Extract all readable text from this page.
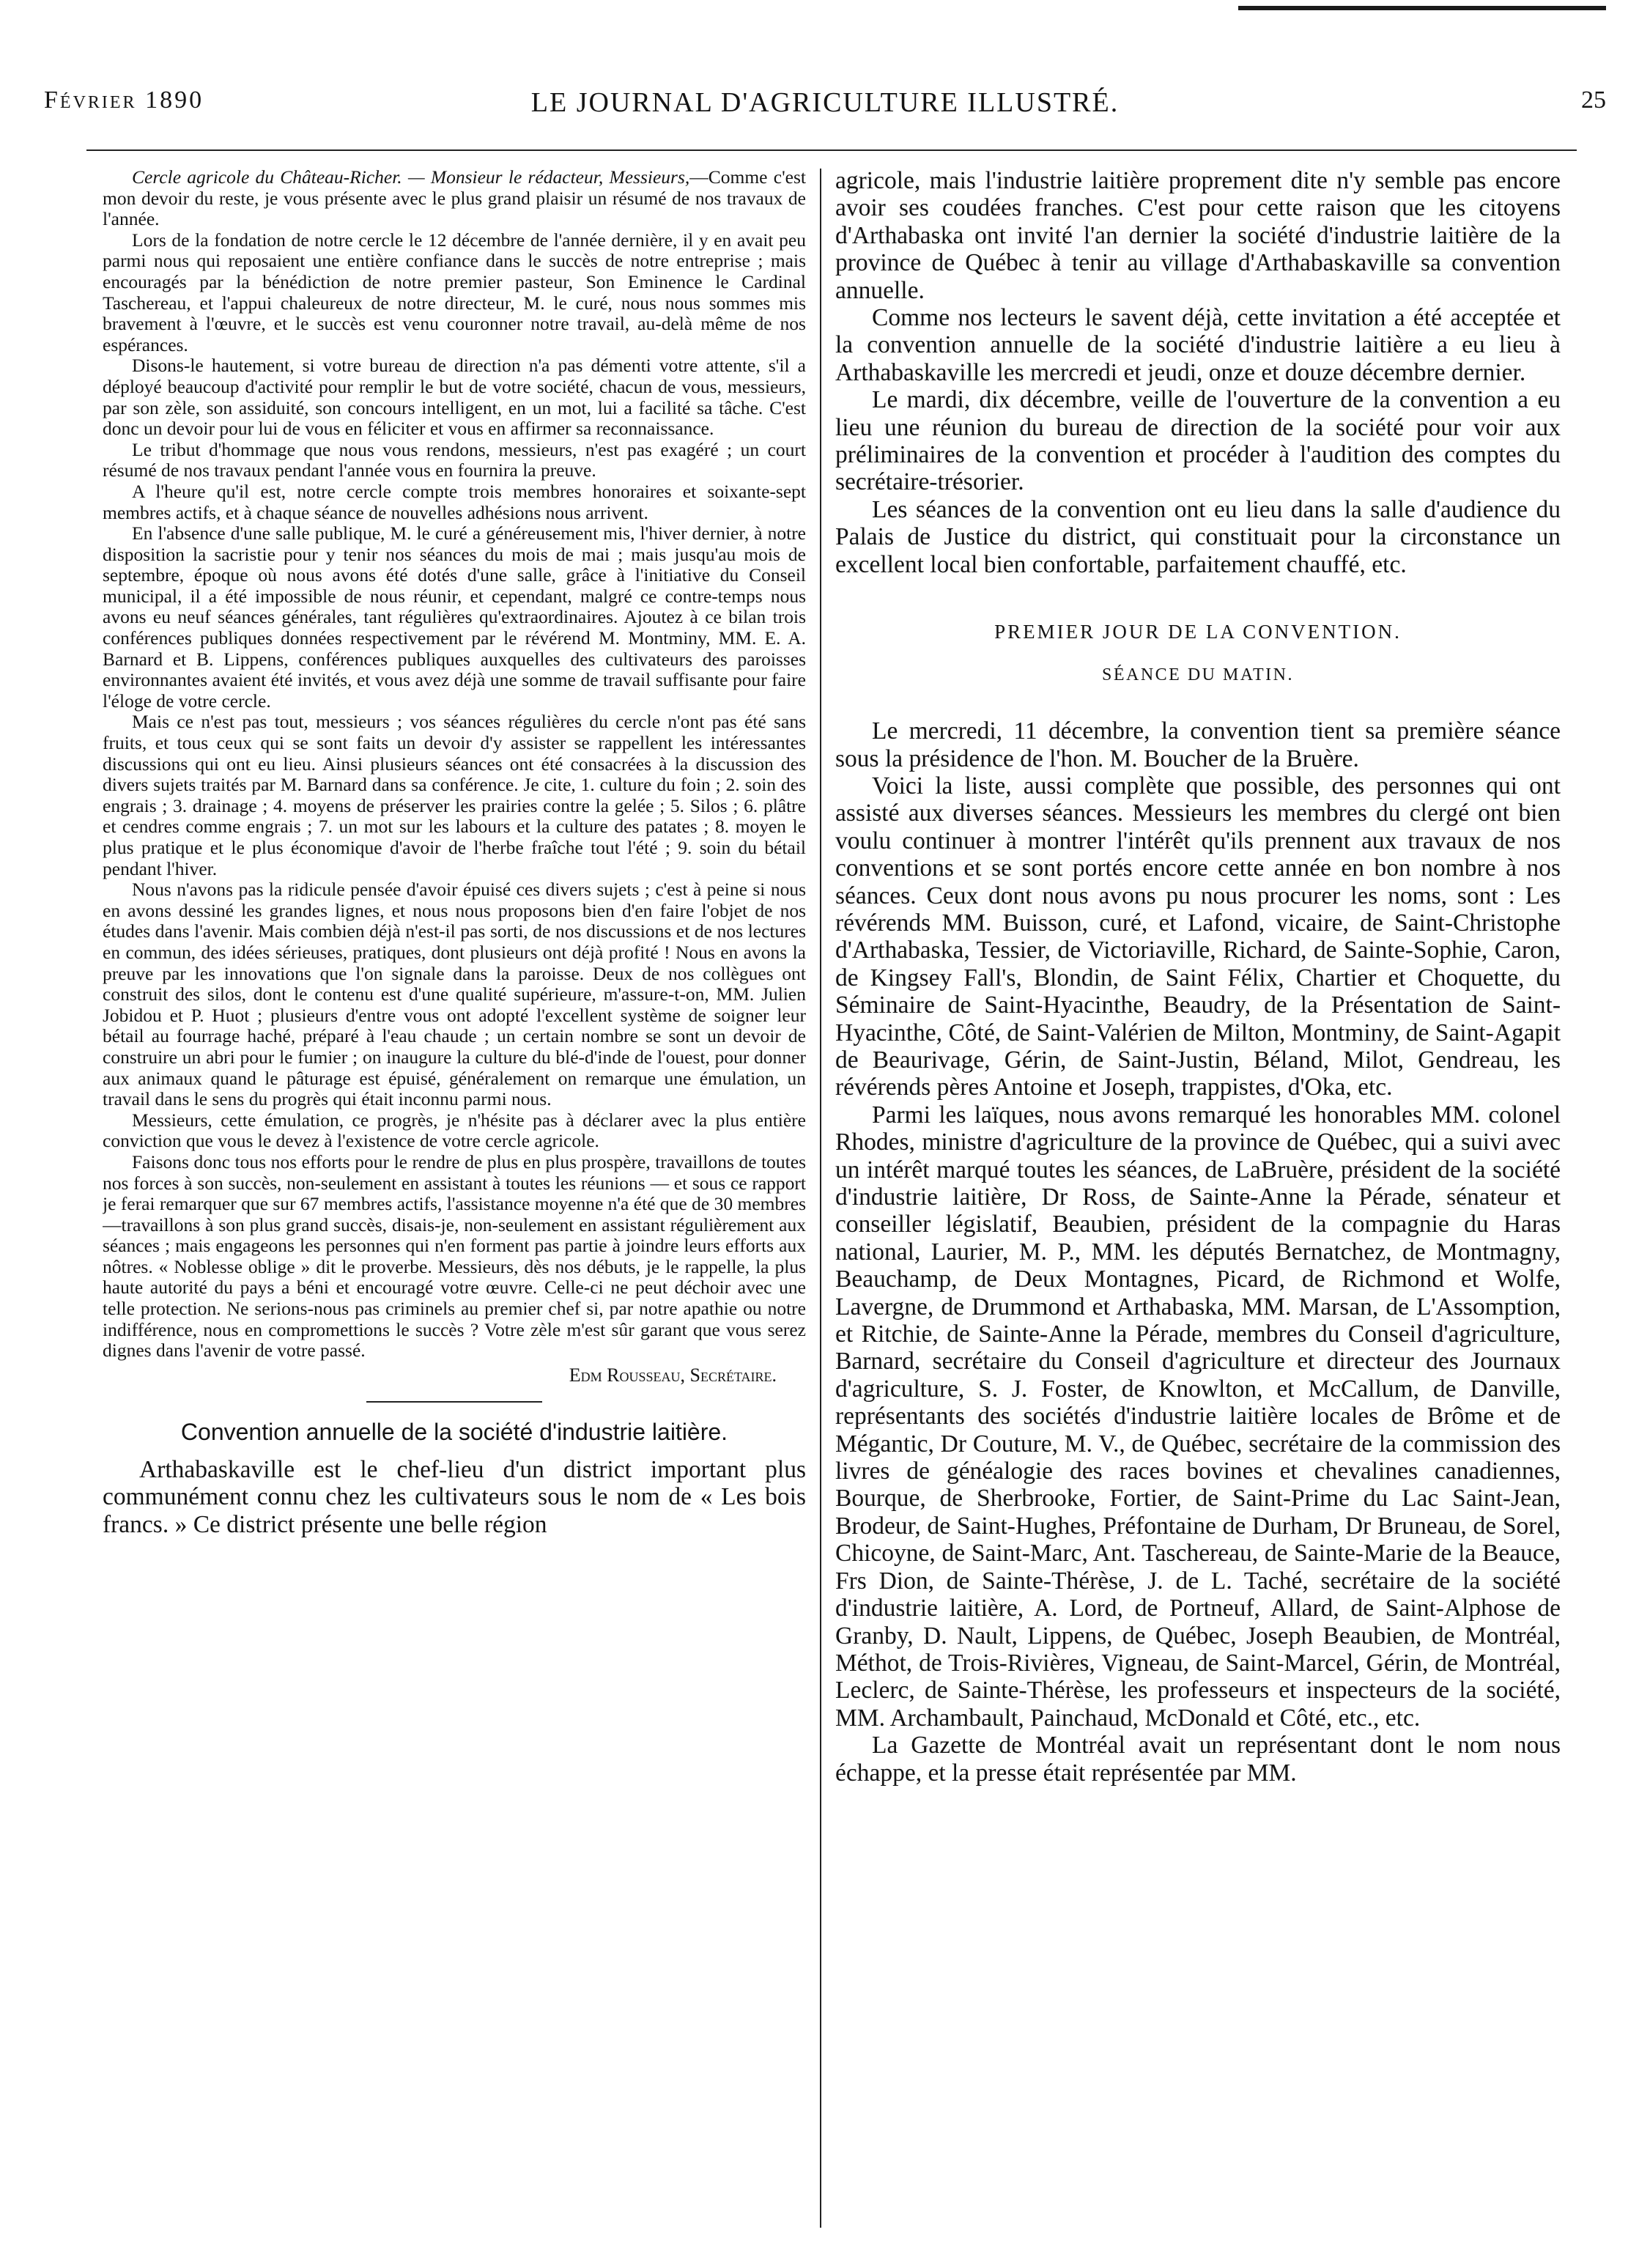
Février 1890	LE JOURNAL D'AGRICULTURE ILLUSTRÉ.	25

Cercle agricole du Château-Richer. — Monsieur le rédacteur, Messieurs,—Comme c'est mon devoir du reste, je vous présente avec le plus grand plaisir un résumé de nos travaux de l'année.

Lors de la fondation de notre cercle le 12 décembre de l'année dernière, il y en avait peu parmi nous qui reposaient une entière confiance dans le succès de notre entreprise ; mais encouragés par la bénédiction de notre premier pasteur, Son Eminence le Cardinal Taschereau, et l'appui chaleureux de notre directeur, M. le curé, nous nous sommes mis bravement à l'œuvre, et le succès est venu couronner notre travail, au-delà même de nos espérances.

Disons-le hautement, si votre bureau de direction n'a pas démenti votre attente, s'il a déployé beaucoup d'activité pour remplir le but de votre société, chacun de vous, messieurs, par son zèle, son assiduité, son concours intelligent, en un mot, lui a facilité sa tâche. C'est donc un devoir pour lui de vous en féliciter et vous en affirmer sa reconnaissance.

Le tribut d'hommage que nous vous rendons, messieurs, n'est pas exagéré ; un court résumé de nos travaux pendant l'année vous en fournira la preuve.

A l'heure qu'il est, notre cercle compte trois membres honoraires et soixante-sept membres actifs, et à chaque séance de nouvelles adhésions nous arrivent.

En l'absence d'une salle publique, M. le curé a généreusement mis, l'hiver dernier, à notre disposition la sacristie pour y tenir nos séances du mois de mai ; mais jusqu'au mois de septembre, époque où nous avons été dotés d'une salle, grâce à l'initiative du Conseil municipal, il a été impossible de nous réunir, et cependant, malgré ce contre-temps nous avons eu neuf séances générales, tant régulières qu'extraordinaires. Ajoutez à ce bilan trois conférences publiques données respectivement par le révérend M. Montminy, MM. E. A. Barnard et B. Lippens, conférences publiques auxquelles des cultivateurs des paroisses environnantes avaient été invités, et vous avez déjà une somme de travail suffisante pour faire l'éloge de votre cercle.

Mais ce n'est pas tout, messieurs ; vos séances régulières du cercle n'ont pas été sans fruits, et tous ceux qui se sont faits un devoir d'y assister se rappellent les intéressantes discussions qui ont eu lieu. Ainsi plusieurs séances ont été consacrées à la discussion des divers sujets traités par M. Barnard dans sa conférence. Je cite, 1. culture du foin ; 2. soin des engrais ; 3. drainage ; 4. moyens de préserver les prairies contre la gelée ; 5. Silos ; 6. plâtre et cendres comme engrais ; 7. un mot sur les labours et la culture des patates ; 8. moyen le plus pratique et le plus économique d'avoir de l'herbe fraîche tout l'été ; 9. soin du bétail pendant l'hiver.

Nous n'avons pas la ridicule pensée d'avoir épuisé ces divers sujets ; c'est à peine si nous en avons dessiné les grandes lignes, et nous nous proposons bien d'en faire l'objet de nos études dans l'avenir. Mais combien déjà n'est-il pas sorti, de nos discussions et de nos lectures en commun, des idées sérieuses, pratiques, dont plusieurs ont déjà profité ! Nous en avons la preuve par les innovations que l'on signale dans la paroisse. Deux de nos collègues ont construit des silos, dont le contenu est d'une qualité supérieure, m'assure-t-on, MM. Julien Jobidou et P. Huot ; plusieurs d'entre vous ont adopté l'excellent système de soigner leur bétail au fourrage haché, préparé à l'eau chaude ; un certain nombre se sont un devoir de construire un abri pour le fumier ; on inaugure la culture du blé-d'inde de l'ouest, pour donner aux animaux quand le pâturage est épuisé, généralement on remarque une émulation, un travail dans le sens du progrès qui était inconnu parmi nous.

Messieurs, cette émulation, ce progrès, je n'hésite pas à déclarer avec la plus entière conviction que vous le devez à l'existence de votre cercle agricole.

Faisons donc tous nos efforts pour le rendre de plus en plus prospère, travaillons de toutes nos forces à son succès, non-seulement en assistant à toutes les réunions — et sous ce rapport je ferai remarquer que sur 67 membres actifs, l'assistance moyenne n'a été que de 30 membres—travaillons à son plus grand succès, disais-je, non-seulement en assistant régulièrement aux séances ; mais engageons les personnes qui n'en forment pas partie à joindre leurs efforts aux nôtres. « Noblesse oblige » dit le proverbe. Messieurs, dès nos débuts, je le rappelle, la plus haute autorité du pays a béni et encouragé votre œuvre. Celle-ci ne peut déchoir avec une telle protection. Ne serions-nous pas criminels au premier chef si, par notre apathie ou notre indifférence, nous en compromettions le succès ? Votre zèle m'est sûr garant que vous serez dignes dans l'avenir de votre passé.

Edm Rousseau, Secrétaire.
Convention annuelle de la société d'industrie laitière.

Arthabaskaville est le chef-lieu d'un district important plus communément connu chez les cultivateurs sous le nom de « Les bois francs. » Ce district présente une belle région

agricole, mais l'industrie laitière proprement dite n'y semble pas encore avoir ses coudées franches. C'est pour cette raison que les citoyens d'Arthabaska ont invité l'an dernier la société d'industrie laitière de la province de Québec à tenir au village d'Arthabaskaville sa convention annuelle.

Comme nos lecteurs le savent déjà, cette invitation a été acceptée et la convention annuelle de la société d'industrie laitière a eu lieu à Arthabaskaville les mercredi et jeudi, onze et douze décembre dernier.

Le mardi, dix décembre, veille de l'ouverture de la convention a eu lieu une réunion du bureau de direction de la société pour voir aux préliminaires de la convention et procéder à l'audition des comptes du secrétaire-trésorier.

Les séances de la convention ont eu lieu dans la salle d'audience du Palais de Justice du district, qui constituait pour la circonstance un excellent local bien confortable, parfaitement chauffé, etc.

PREMIER JOUR DE LA CONVENTION.
SÉANCE DU MATIN.

Le mercredi, 11 décembre, la convention tient sa première séance sous la présidence de l'hon. M. Boucher de la Bruère.

Voici la liste, aussi complète que possible, des personnes qui ont assisté aux diverses séances. Messieurs les membres du clergé ont bien voulu continuer à montrer l'intérêt qu'ils prennent aux travaux de nos conventions et se sont portés encore cette année en bon nombre à nos séances. Ceux dont nous avons pu nous procurer les noms, sont : Les révérends MM. Buisson, curé, et Lafond, vicaire, de Saint-Christophe d'Arthabaska, Tessier, de Victoriaville, Richard, de Sainte-Sophie, Caron, de Kingsey Fall's, Blondin, de Saint Félix, Chartier et Choquette, du Séminaire de Saint-Hyacinthe, Beaudry, de la Présentation de Saint-Hyacinthe, Côté, de Saint-Valérien de Milton, Montminy, de Saint-Agapit de Beaurivage, Gérin, de Saint-Justin, Béland, Milot, Gendreau, les révérends pères Antoine et Joseph, trappistes, d'Oka, etc.

Parmi les laïques, nous avons remarqué les honorables MM. colonel Rhodes, ministre d'agriculture de la province de Québec, qui a suivi avec un intérêt marqué toutes les séances, de LaBruère, président de la société d'industrie laitière, Dr Ross, de Sainte-Anne la Pérade, sénateur et conseiller législatif, Beaubien, président de la compagnie du Haras national, Laurier, M. P., MM. les députés Bernatchez, de Montmagny, Beauchamp, de Deux Montagnes, Picard, de Richmond et Wolfe, Lavergne, de Drummond et Arthabaska, MM. Marsan, de L'Assomption, et Ritchie, de Sainte-Anne la Pérade, membres du Conseil d'agriculture, Barnard, secrétaire du Conseil d'agriculture et directeur des Journaux d'agriculture, S. J. Foster, de Knowlton, et McCallum, de Danville, représentants des sociétés d'industrie laitière locales de Brôme et de Mégantic, Dr Couture, M. V., de Québec, secrétaire de la commission des livres de généalogie des races bovines et chevalines canadiennes, Bourque, de Sherbrooke, Fortier, de Saint-Prime du Lac Saint-Jean, Brodeur, de Saint-Hughes, Préfontaine de Durham, Dr Bruneau, de Sorel, Chicoyne, de Saint-Marc, Ant. Taschereau, de Sainte-Marie de la Beauce, Frs Dion, de Sainte-Thérèse, J. de L. Taché, secrétaire de la société d'industrie laitière, A. Lord, de Portneuf, Allard, de Saint-Alphose de Granby, D. Nault, Lippens, de Québec, Joseph Beaubien, de Montréal, Méthot, de Trois-Rivières, Vigneau, de Saint-Marcel, Gérin, de Montréal, Leclerc, de Sainte-Thérèse, les professeurs et inspecteurs de la société, MM. Archambault, Painchaud, McDonald et Côté, etc., etc.

La Gazette de Montréal avait un représentant dont le nom nous échappe, et la presse était représentée par MM.
